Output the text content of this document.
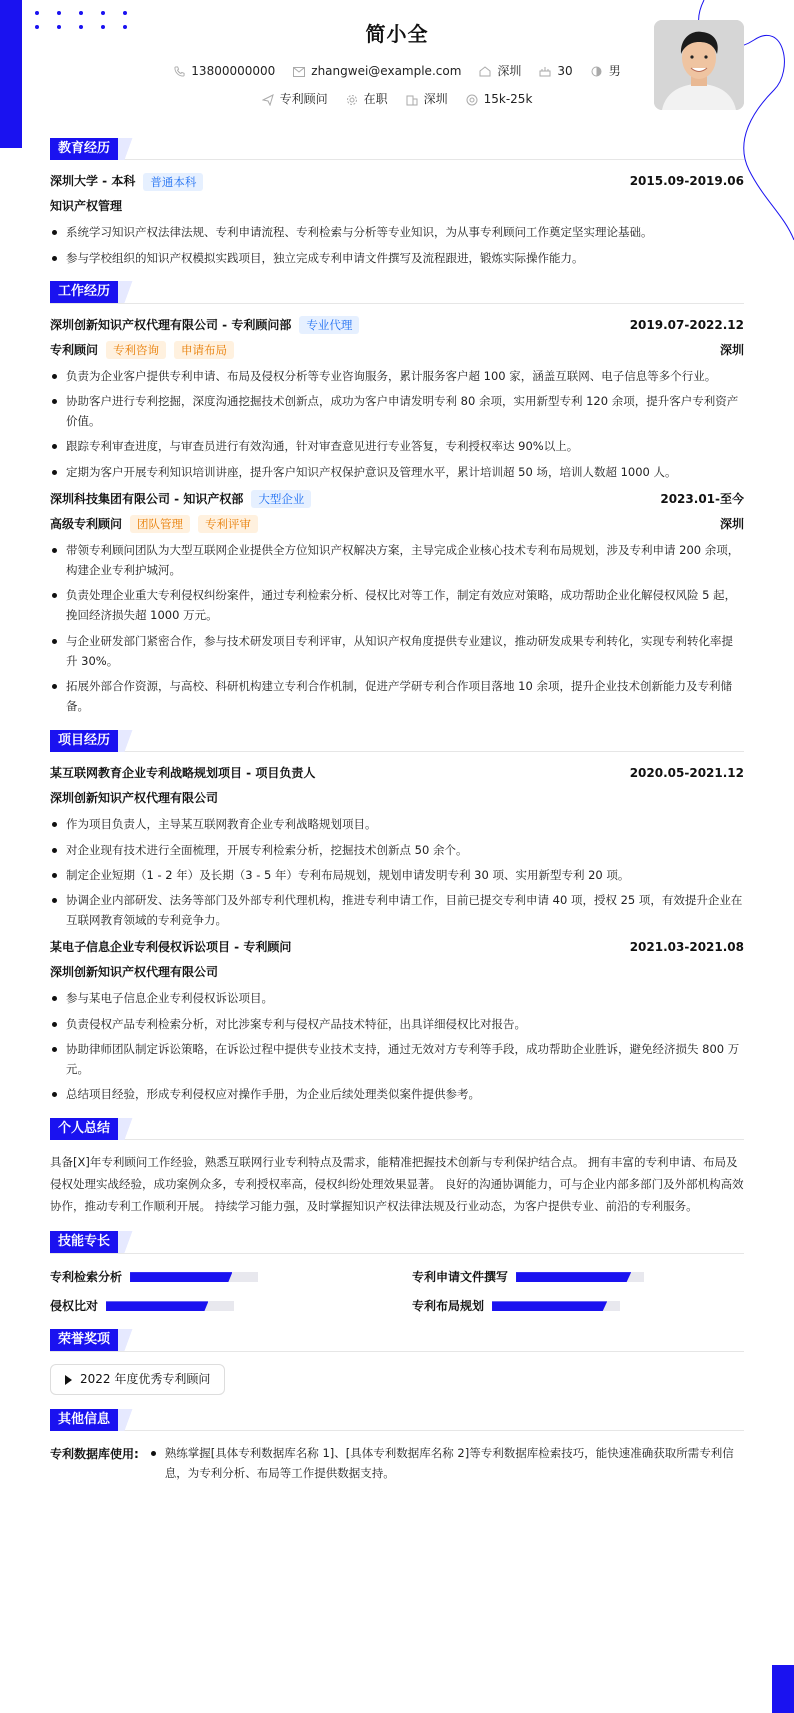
简小全
13800000000	zhangwei@example.com	深圳	30	男
专利顾问	在职	深圳	15k-25k
教育经历
深圳大学 - 本科	普通本科	2015.09-2019.06
知识产权管理
系统学习知识产权法律法规、专利申请流程、专利检索与分析等专业知识，为从事专利顾问工作奠定坚实理论基础。
参与学校组织的知识产权模拟实践项目，独立完成专利申请文件撰写及流程跟进，锻炼实际操作能力。
工作经历
深圳创新知识产权代理有限公司 - 专利顾问部	专业代理	2019.07-2022.12
专利顾问	专利咨询	申请布局	深圳
负责为企业客户提供专利申请、布局及侵权分析等专业咨询服务，累计服务客户超 100 家，涵盖互联网、电子信息等多个行业。
协助客户进行专利挖掘，深度沟通挖掘技术创新点，成功为客户申请发明专利 80 余项，实用新型专利 120 余项，提升客户专利资产价值。
跟踪专利审查进度，与审查员进行有效沟通，针对审查意见进行专业答复，专利授权率达 90%以上。
定期为客户开展专利知识培训讲座，提升客户知识产权保护意识及管理水平，累计培训超 50 场，培训人数超 1000 人。
深圳科技集团有限公司 - 知识产权部	大型企业	2023.01-至今
高级专利顾问	团队管理	专利评审	深圳
带领专利顾问团队为大型互联网企业提供全方位知识产权解决方案，主导完成企业核心技术专利布局规划，涉及专利申请 200 余项，构建企业专利护城河。
负责处理企业重大专利侵权纠纷案件，通过专利检索分析、侵权比对等工作，制定有效应对策略，成功帮助企业化解侵权风险 5 起，挽回经济损失超 1000 万元。
与企业研发部门紧密合作，参与技术研发项目专利评审，从知识产权角度提供专业建议，推动研发成果专利转化，实现专利转化率提升 30%。
拓展外部合作资源，与高校、科研机构建立专利合作机制，促进产学研专利合作项目落地 10 余项，提升企业技术创新能力及专利储备。
项目经历
某互联网教育企业专利战略规划项目 - 项目负责人	2020.05-2021.12
深圳创新知识产权代理有限公司
作为项目负责人，主导某互联网教育企业专利战略规划项目。
对企业现有技术进行全面梳理，开展专利检索分析，挖掘技术创新点 50 余个。
制定企业短期（1 - 2 年）及长期（3 - 5 年）专利布局规划，规划申请发明专利 30 项、实用新型专利 20 项。
协调企业内部研发、法务等部门及外部专利代理机构，推进专利申请工作，目前已提交专利申请 40 项，授权 25 项，有效提升企业在互联网教育领域的专利竞争力。
某电子信息企业专利侵权诉讼项目 - 专利顾问	2021.03-2021.08
深圳创新知识产权代理有限公司
参与某电子信息企业专利侵权诉讼项目。
负责侵权产品专利检索分析，对比涉案专利与侵权产品技术特征，出具详细侵权比对报告。
协助律师团队制定诉讼策略，在诉讼过程中提供专业技术支持，通过无效对方专利等手段，成功帮助企业胜诉，避免经济损失 800 万元。
总结项目经验，形成专利侵权应对操作手册，为企业后续处理类似案件提供参考。
个人总结

具备[X]年专利顾问工作经验，熟悉互联网行业专利特点及需求，能精准把握技术创新与专利保护结合点。 拥有丰富的专利申请、布局及侵权处理实战经验，成功案例众多，专利授权率高，侵权纠纷处理效果显著。 良好的沟通协调能力，可与企业内部多部门及外部机构高效协作，推动专利工作顺利开展。 持续学习能力强，及时掌握知识产权法律法规及行业动态，为客户提供专业、前沿的专利服务。

技能专长
专利检索分析	专利申请文件撰写
侵权比对	专利布局规划
荣誉奖项
2022 年度优秀专利顾问
其他信息
专利数据库使用:	熟练掌握[具体专利数据库名称 1]、[具体专利数据库名称 2]等专利数据库检索技巧，能快速准确获取所需专利信息，为专利分析、布局等工作提供数据支持。
